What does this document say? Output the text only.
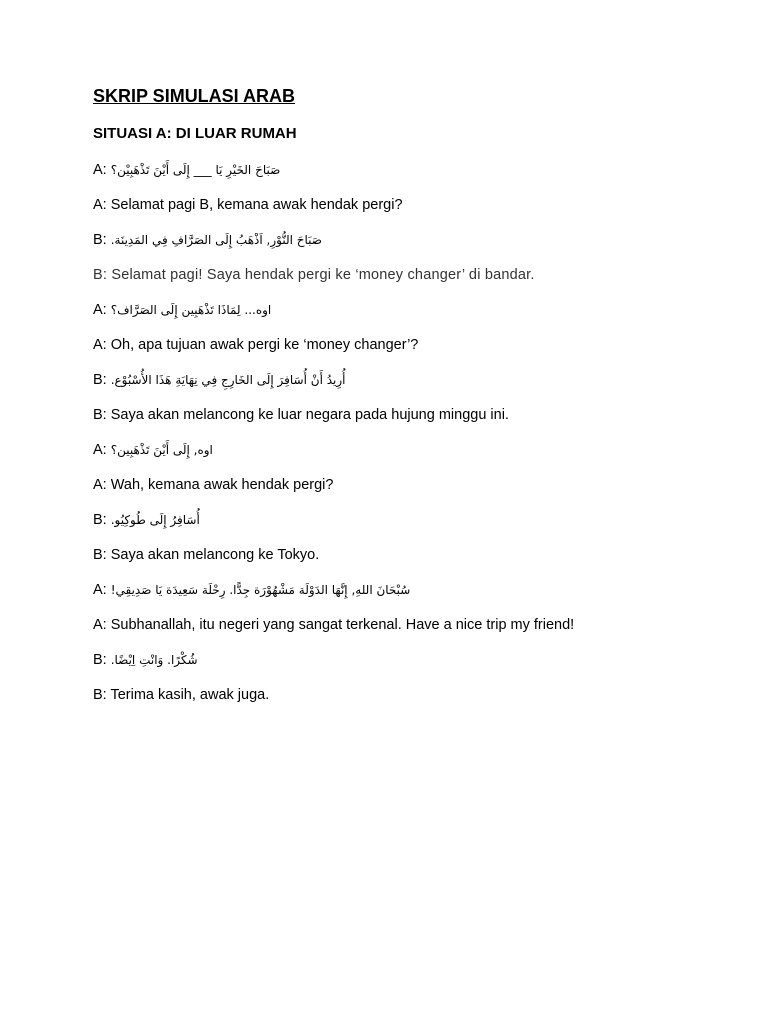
SKRIP SIMULASI ARAB
SITUASI A: DI LUAR RUMAH
A: صَبَاحَ الخَيْرِ يَا ___ إِلَى أَيْنَ تَذْهَبِيْن؟
A: Selamat pagi B, kemana awak hendak pergi?
B: صَبَاحَ النُّوْرِ, اَذْهَبُ إِلَى الصَرَّافِ فِي المَدِينَة.
B: Selamat pagi! Saya hendak pergi ke ‘money changer’ di bandar.
A: اوه... لِمَاذَا تَذْهَبِين إِلَى الصَرَّاف؟
A: Oh, apa tujuan awak pergi ke ‘money changer’?
B: أُرِيدُ أَنْ أُسَافِرَ إِلَى الخَارِجِ فِي نِهَايَةِ هَذَا الأُسْبُوْع.
B: Saya akan melancong ke luar negara pada hujung minggu ini.
A: اوه, إِلَى أَيْنَ تَذْهَبِين؟
A: Wah, kemana awak hendak pergi?
B: أُسَافِرُ إِلَى طُوكِيُو.
B: Saya akan melancong ke Tokyo.
A: سُبْحَانَ اللهِ, إِنَّهَا الدَوْلَة مَشْهُوْرَة جِدًّا. رِحْلَة سَعِيدَة يَا صَدِيقِي!
A: Subhanallah, itu negeri yang sangat terkenal. Have a nice trip my friend!
B: شُكْرًا. وَانْتِ اِيْضًا.
B: Terima kasih, awak juga.
